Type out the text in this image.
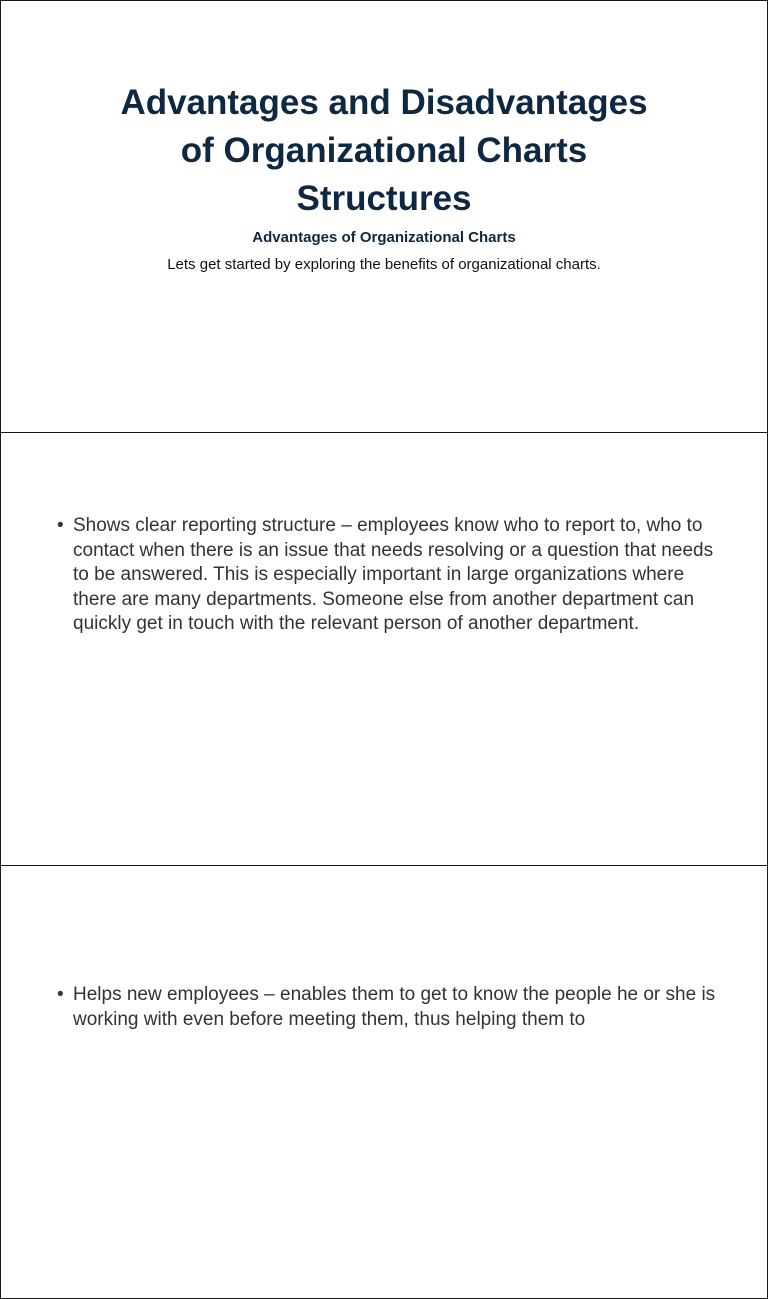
Advantages and Disadvantages
of Organizational Charts
Structures
Advantages of Organizational Charts
Lets get started by exploring the benefits of organizational charts.
• Shows clear reporting structure – employees know who to report to, who to contact when there is an issue that needs resolving or a question that needs to be answered. This is especially important in large organizations where there are many departments. Someone else from another department can quickly get in touch with the relevant person of another department.
• Helps new employees – enables them to get to know the people he or she is working with even before meeting them, thus helping them to
